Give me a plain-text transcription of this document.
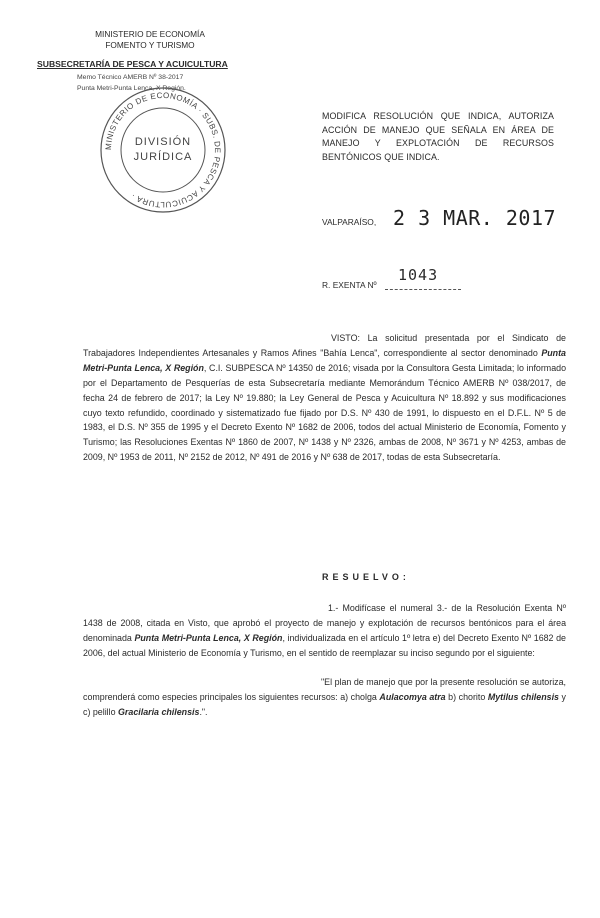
MINISTERIO DE ECONOMÍA
FOMENTO Y TURISMO
SUBSECRETARÍA DE PESCA Y ACUICULTURA
Memo Técnico AMERB Nº 38-2017
Punta Metri-Punta Lenca, X Región.
MINISTERIO DE ECONOMÍA · SUBS. DE PESCA Y ACUICULTURA ·
DIVISIÓN
JURÍDICA
MODIFICA RESOLUCIÓN QUE INDICA, AUTORIZA ACCIÓN DE MANEJO QUE SEÑALA EN ÁREA DE MANEJO Y EXPLOTACIÓN DE RECURSOS BENTÓNICOS QUE INDICA.
VALPARAÍSO, 2 3 MAR. 2017
R. EXENTA Nº
1043
VISTO: La solicitud presentada por el Sindicato de Trabajadores Independientes Artesanales y Ramos Afines "Bahía Lenca", correspondiente al sector denominado Punta Metri-Punta Lenca, X Región, C.I. SUBPESCA Nº 14350 de 2016; visada por la Consultora Gesta Limitada; lo informado por el Departamento de Pesquerías de esta Subsecretaría mediante Memorándum Técnico AMERB Nº 038/2017, de fecha 24 de febrero de 2017; la Ley Nº 19.880; la Ley General de Pesca y Acuicultura Nº 18.892 y sus modificaciones cuyo texto refundido, coordinado y sistematizado fue fijado por D.S. Nº 430 de 1991, lo dispuesto en el D.F.L. Nº 5 de 1983, el D.S. Nº 355 de 1995 y el Decreto Exento Nº 1682 de 2006, todos del actual Ministerio de Economía, Fomento y Turismo; las Resoluciones Exentas Nº 1860 de 2007, Nº 1438 y Nº 2326, ambas de 2008, Nº 3671 y Nº 4253, ambas de 2009, Nº 1953 de 2011, Nº 2152 de 2012, Nº 491 de 2016 y Nº 638 de 2017, todas de esta Subsecretaría.
RESUELVO:
1.- Modifícase el numeral 3.- de la Resolución Exenta Nº 1438 de 2008, citada en Visto, que aprobó el proyecto de manejo y explotación de recursos bentónicos para el área denominada Punta Metri-Punta Lenca, X Región, individualizada en el artículo 1º letra e) del Decreto Exento Nº 1682 de 2006, del actual Ministerio de Economía y Turismo, en el sentido de reemplazar su inciso segundo por el siguiente:
"El plan de manejo que por la presente resolución se autoriza, comprenderá como especies principales los siguientes recursos: a) cholga Aulacomya atra b) chorito Mytilus chilensis y c) pelillo Gracilaria chilensis.".
